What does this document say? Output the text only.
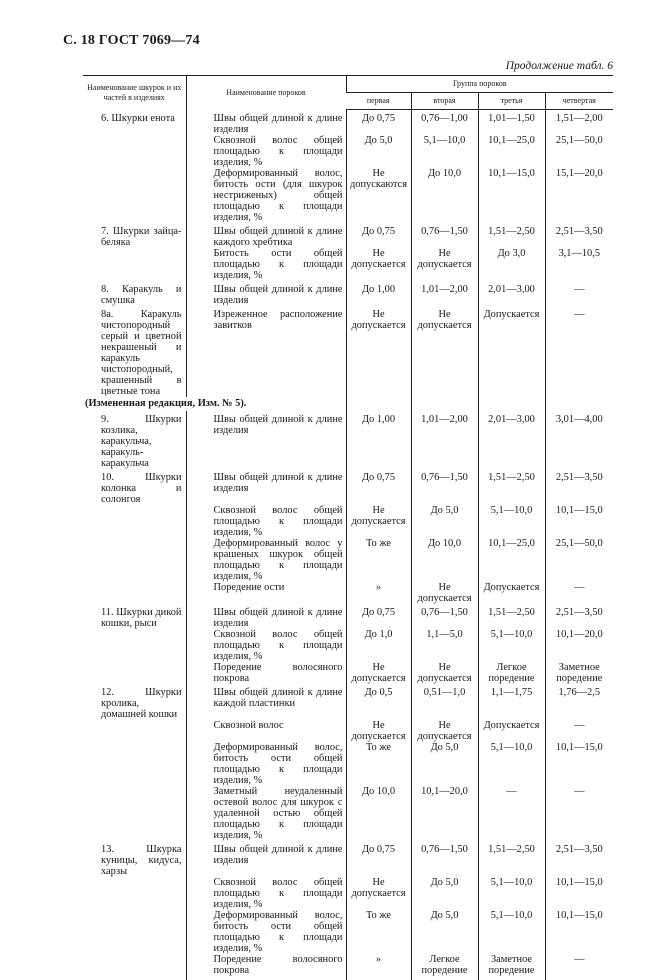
С. 18 ГОСТ 7069—74
Продолжение табл. 6
Наименование шкурок и их частей в изделиях	Наименование пороков	Группа пороков			
		первая	вторая	третья	четвертая

6. Шкурки енота	Швы общей длиной к длине изделия	До 0,75	0,76—1,00	1,01—1,50	1,51—2,00

	Сквозной волос общей площадью к площади изделия, %	До 5,0	5,1—10,0	10,1—25,0	25,1—50,0

	Деформированный волос, битость ости (для шкурок нестриженых) общей площадью к площади изделия, %	Не допускаются	До 10,0	10,1—15,0	15,1—20,0

7. Шкурки зайца-беляка	Швы общей длиной к длине каждого хребтика	До 0,75	0,76—1,50	1,51—2,50	2,51—3,50

	Битость ости общей площадью к площади изделия, %	Не допускается	Не допускается	До 3,0	3,1—10,5

8. Каракуль и смушка	Швы общей длиной к длине изделия	До 1,00	1,01—2,00	2,01—3,00	—

8а. Каракуль чистопородный серый и цветной некрашеный и каракуль чистопородный, крашенный в цветные тона	Изреженное расположение завитков	Не допускается	Не допускается	Допускается	—
(Измененная редакция, Изм. № 5).					

9. Шкурки козлика, каракульча, каракуль-каракульча	Швы общей длиной к длине изделия	До 1,00	1,01—2,00	2,01—3,00	3,01—4,00

10. Шкурки колонка и солонгоя	Швы общей длиной к длине изделия	До 0,75	0,76—1,50	1,51—2,50	2,51—3,50

	Сквозной волос общей площадью к площади изделия, %	Не допускается	До 5,0	5,1—10,0	10,1—15,0

	Деформированный волос у крашеных шкурок общей площадью к площади изделия, %	То же	До 10,0	10,1—25,0	25,1—50,0

	Поредение ости	»	Не допускается	Допускается	—

11. Шкурки дикой кошки, рыси	Швы общей длиной к длине изделия	До 0,75	0,76—1,50	1,51—2,50	2,51—3,50

	Сквозной волос общей площадью к площади изделия, %	До 1,0	1,1—5,0	5,1—10,0	10,1—20,0

	Поредение волосяного покрова	Не допускается	Не допускается	Легкое поредение	Заметное поредение

12. Шкурки кролика, домашней кошки	Швы общей длиной к длине каждой пластинки	До 0,5	0,51—1,0	1,1—1,75	1,76—2,5

	Сквозной волос	Не допускается	Не допускается	Допускается	—

	Деформированный волос, битость ости общей площадью к площади изделия, %	То же	До 5,0	5,1—10,0	10,1—15,0

	Заметный неудаленный остевой волос для шкурок с удаленной остью общей площадью к площади изделия, %	До 10,0	10,1—20,0	—	—

13. Шкурка куницы, кидуса, харзы	Швы общей длиной к длине изделия	До 0,75	0,76—1,50	1,51—2,50	2,51—3,50

	Сквозной волос общей площадью к площади изделия, %	Не допускается	До 5,0	5,1—10,0	10,1—15,0

	Деформированный волос, битость ости общей площадью к площади изделия, %	То же	До 5,0	5,1—10,0	10,1—15,0

	Поредение волосяного покрова	»	Легкое поредение	Заметное поредение	—
